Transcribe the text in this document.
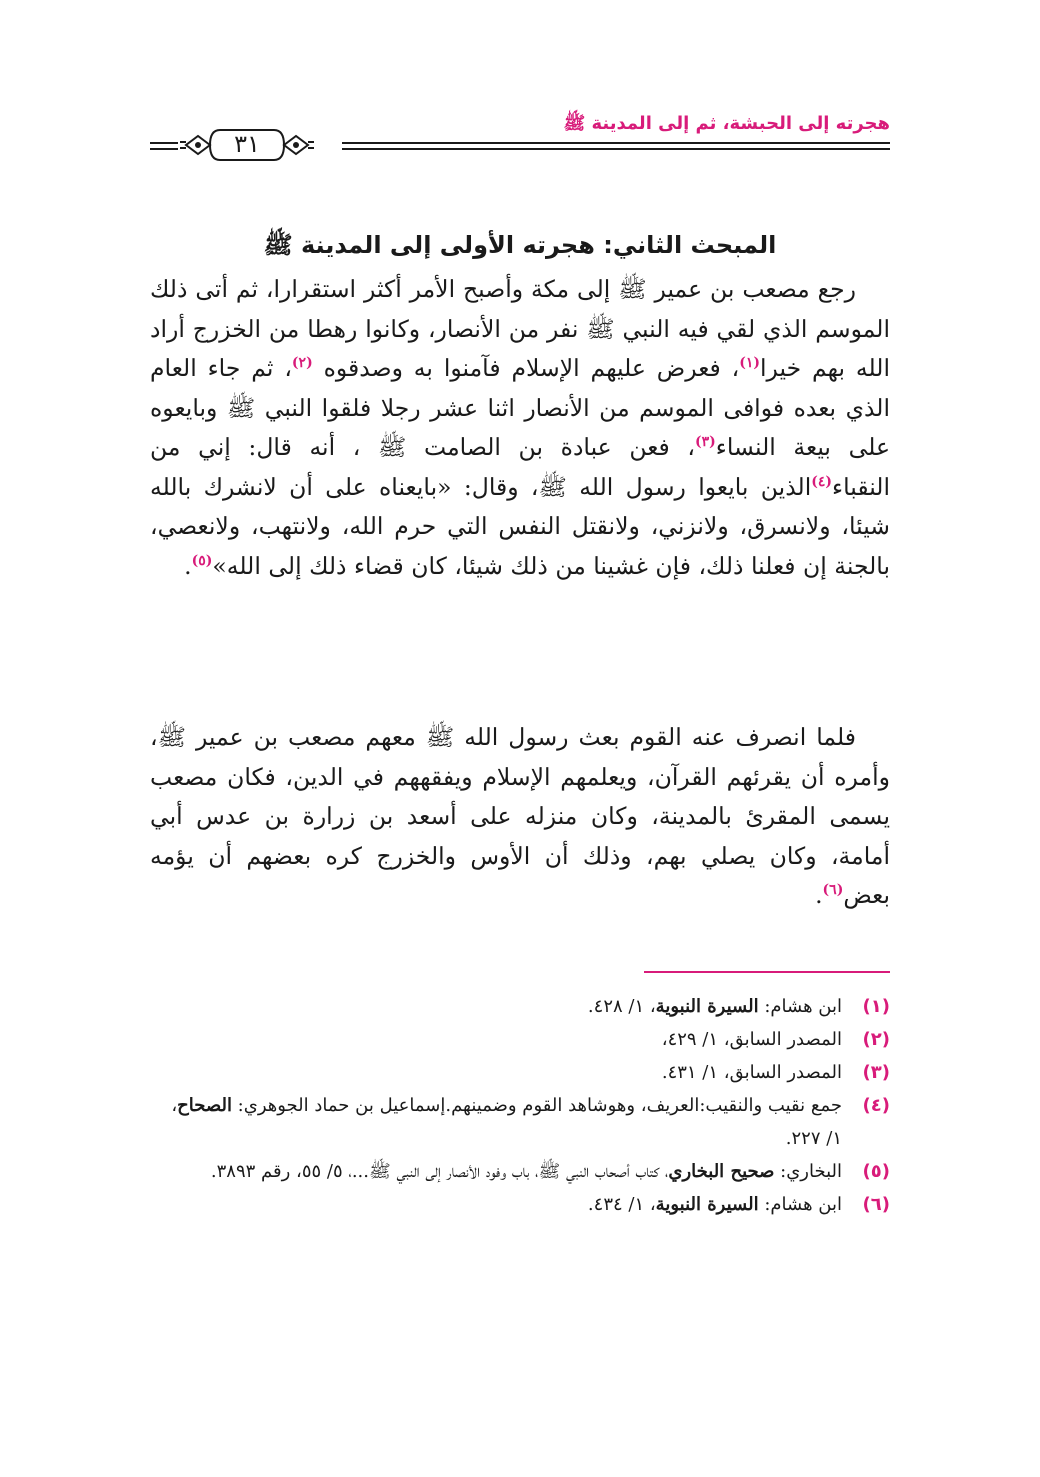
هجرته إلى الحبشة، ثم إلى المدينة ﷺ
٣١
المبحث الثاني: هجرته الأولى إلى المدينة ﷺ

رجع مصعب بن عمير ﷺ إلى مكة وأصبح الأمر أكثر استقرارا، ثم أتى ذلك الموسم الذي لقي فيه النبي ﷺ نفر من الأنصار، وكانوا رهطا من الخزرج أراد الله بهم خيرا$^{(١)}$، فعرض عليهم الإسلام فآمنوا به وصدقوه $^{(٢)}$، ثم جاء العام الذي بعده فوافى الموسم من الأنصار اثنا عشر رجلا فلقوا النبي ﷺ وبايعوه على بيعة النساء$^{(٣)}$، فعن عبادة بن الصامت ﷺ ، أنه قال: إني من النقباء$^{(٤)}$الذين بايعوا رسول الله ﷺ، وقال: «بايعناه على أن لانشرك بالله شيئا، ولانسرق، ولانزني، ولانقتل النفس التي حرم الله، ولانتهب، ولانعصي، بالجنة إن فعلنا ذلك، فإن غشينا من ذلك شيئا، كان قضاء ذلك إلى الله»$^{(٥)}$.

فلما انصرف عنه القوم بعث رسول الله ﷺ معهم مصعب بن عمير ﷺ، وأمره أن يقرئهم القرآن، ويعلمهم الإسلام ويفقههم في الدين، فكان مصعب يسمى المقرئ بالمدينة، وكان منزله على أسعد بن زرارة بن عدس أبي أمامة، وكان يصلي بهم، وذلك أن الأوس والخزرج كره بعضهم أن يؤمه بعض$^{(٦)}$.

(١)
ابن هشام: السيرة النبوية، ١/ ٤٢٨.
(٢)
المصدر السابق، ١/ ٤٢٩،
(٣)
المصدر السابق، ١/ ٤٣١.
(٤)
جمع نقيب والنقيب:العريف، وهوشاهد القوم وضمينهم.إسماعيل بن حماد الجوهري: الصحاح، ١/ ٢٢٧.
(٥)
البخاري: صحيح البخاري، كتاب أصحاب النبي ﷺ، باب وفود الأنصار إلى النبي ﷺ...، ٥/ ٥٥، رقم ٣٨٩٣.
(٦)
ابن هشام: السيرة النبوية، ١/ ٤٣٤.
